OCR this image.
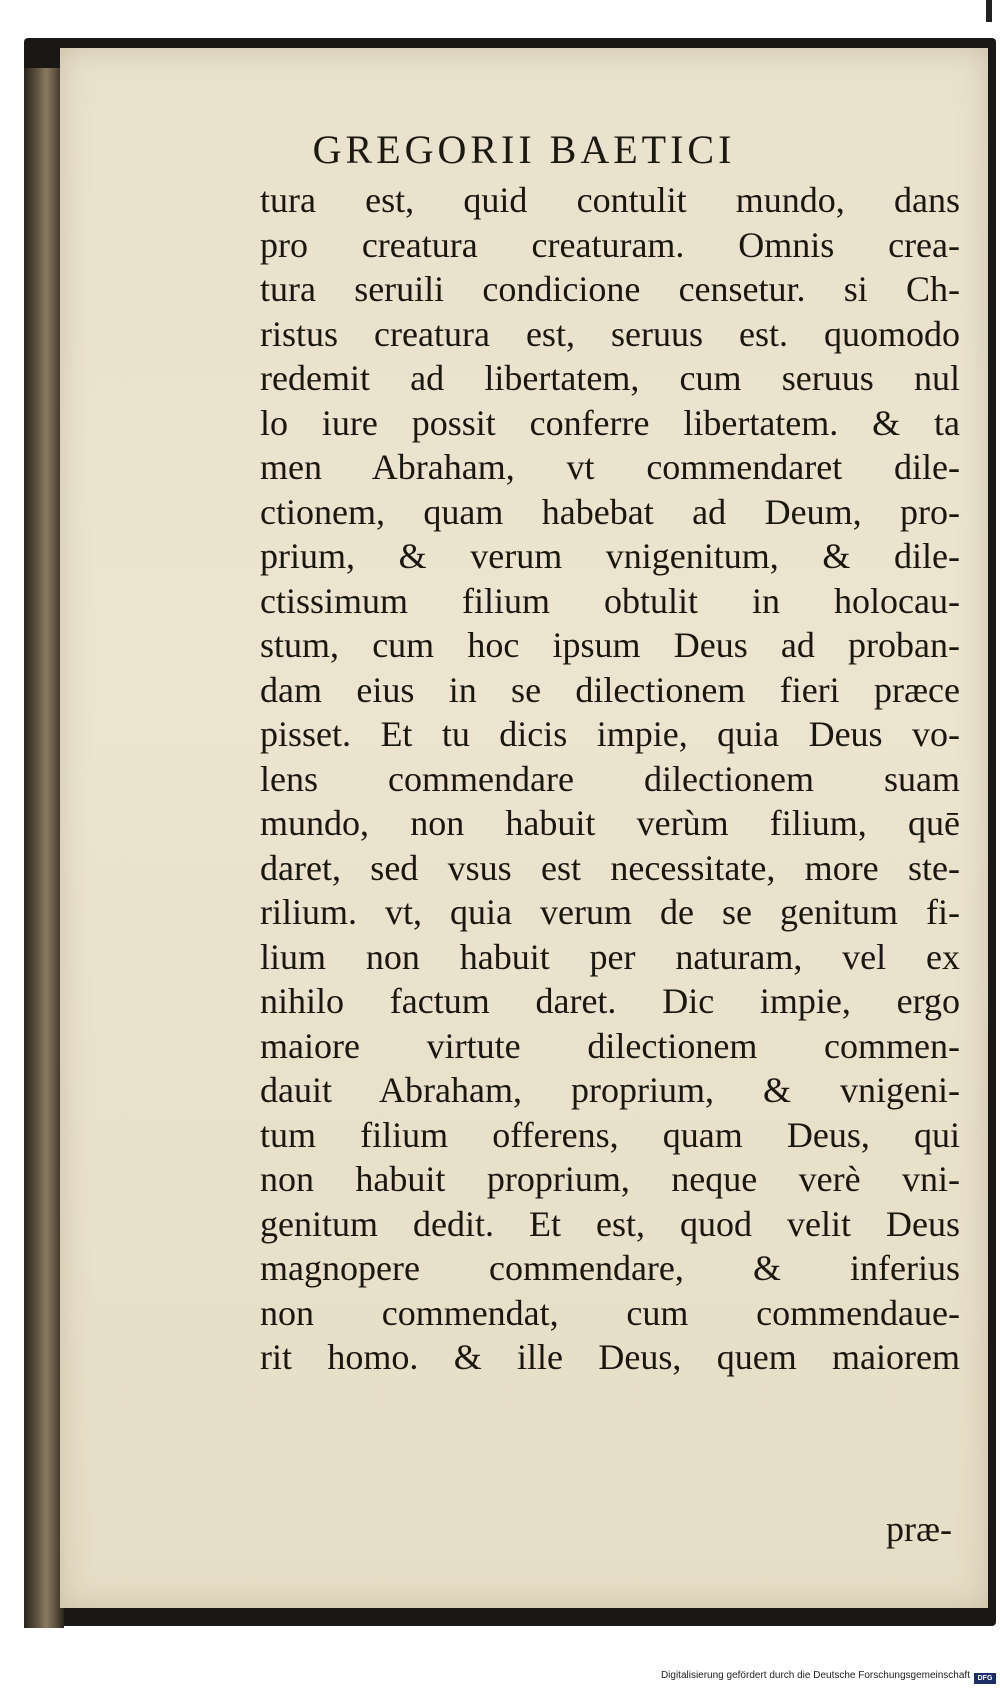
GREGORII BAETICI
tura est, quid contulit mundo, dans
pro creatura creaturam. Omnis crea-
tura seruili condicione censetur. si Ch-
ristus creatura est, seruus est. quomodo
redemit ad libertatem, cum seruus nul
lo iure possit conferre libertatem. & ta
men Abraham, vt commendaret dile-
ctionem, quam habebat ad Deum, pro-
prium, & verum vnigenitum, & dile-
ctissimum filium obtulit in holocau-
stum, cum hoc ipsum Deus ad proban-
dam eius in se dilectionem fieri præce
pisset. Et tu dicis impie, quia Deus vo-
lens commendare dilectionem suam
mundo, non habuit verùm filium, quē
daret, sed vsus est necessitate, more ste-
rilium. vt, quia verum de se genitum fi-
lium non habuit per naturam, vel ex
nihilo factum daret. Dic impie, ergo
maiore virtute dilectionem commen-
dauit Abraham, proprium, & vnigeni-
tum filium offerens, quam Deus, qui
non habuit proprium, neque verè vni-
genitum dedit. Et est, quod velit Deus
magnopere commendare, & inferius
non commendat, cum commendaue-
rit homo. & ille Deus, quem maiorem
præ-
Digitalisierung gefördert durch die Deutsche Forschungsgemeinschaft	DFG
